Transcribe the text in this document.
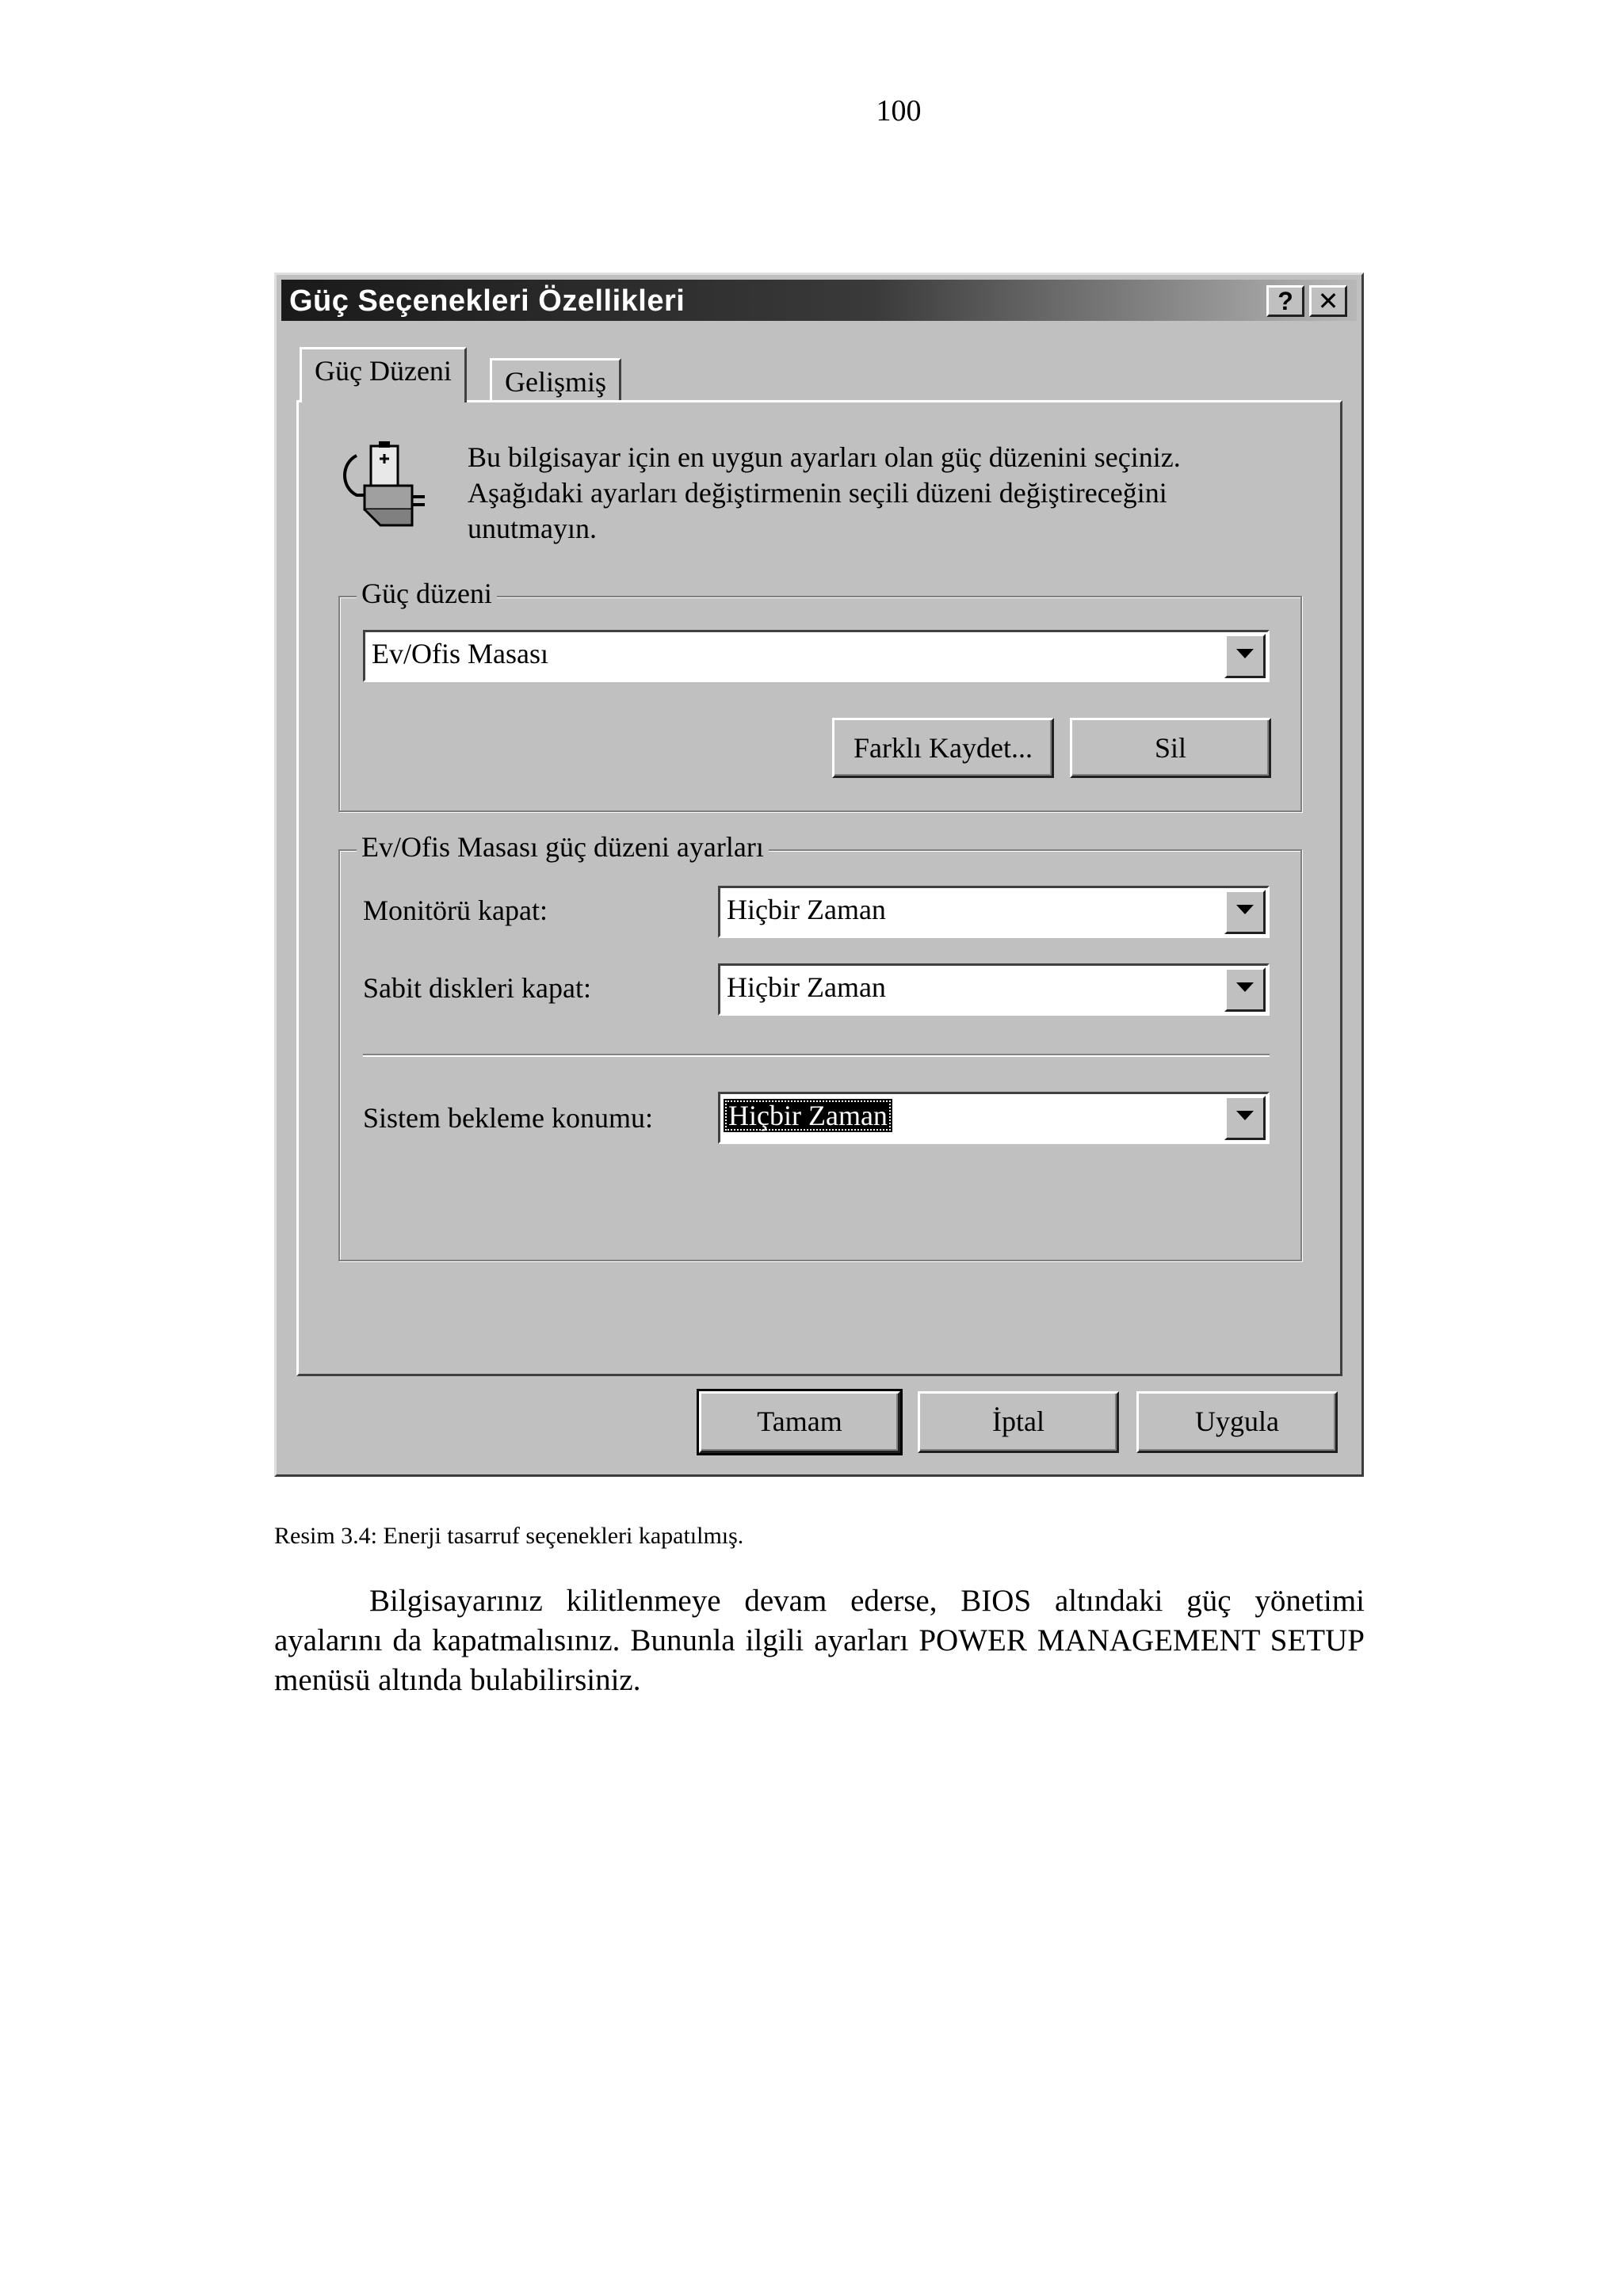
100
Güç Seçenekleri Özellikleri	? ✕
Güç Düzeni	Gelişmiş
Bu bilgisayar için en uygun ayarları olan güç düzenini seçiniz.
Aşağıdaki ayarları değiştirmenin seçili düzeni değiştireceğini
unutmayın.
Güç düzeni
Ev/Ofis Masası
Farklı Kaydet...	Sil
Ev/Ofis Masası güç düzeni ayarları
Monitörü kapat:	Hiçbir Zaman
Sabit diskleri kapat:	Hiçbir Zaman
Sistem bekleme konumu:	Hiçbir Zaman
Tamam	İptal	Uygula
Resim 3.4: Enerji tasarruf seçenekleri kapatılmış.
Bilgisayarınız kilitlenmeye devam ederse, BIOS altındaki güç yönetimi ayalarını da kapatmalısınız. Bununla ilgili ayarları POWER MANAGEMENT SETUP menüsü altında bulabilirsiniz.
